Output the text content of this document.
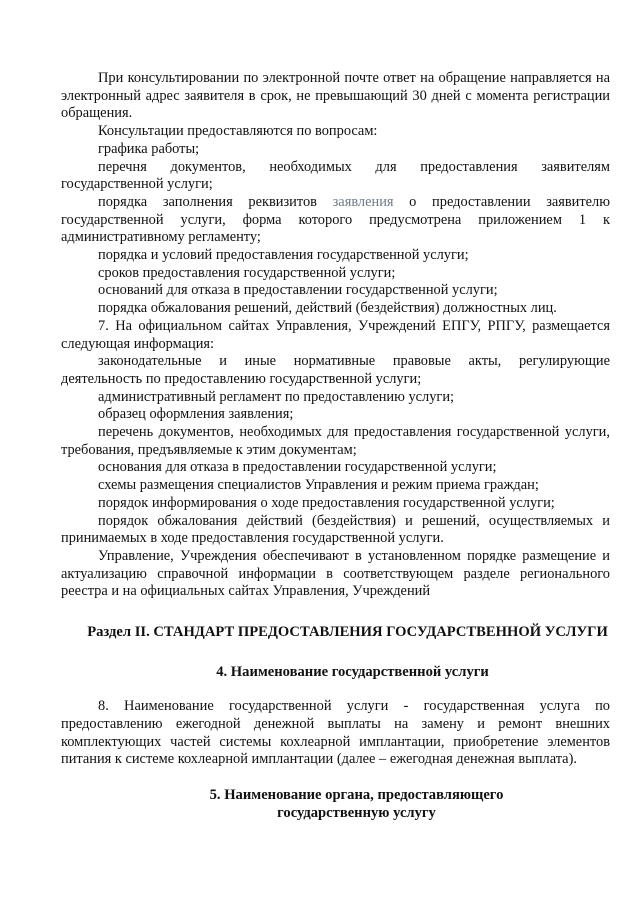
При консультировании по электронной почте ответ на обращение направляется на электронный адрес заявителя в срок, не превышающий 30 дней с момента регистрации обращения.

Консультации предоставляются по вопросам:

графика работы;

перечня документов, необходимых для предоставления заявителям государственной услуги;

порядка заполнения реквизитов заявления о предоставлении заявителю государственной услуги, форма которого предусмотрена приложением 1 к административному регламенту;

порядка и условий предоставления государственной услуги;

сроков предоставления государственной услуги;

оснований для отказа в предоставлении государственной услуги;

порядка обжалования решений, действий (бездействия) должностных лиц.

7. На официальном сайтах Управления, Учреждений ЕПГУ, РПГУ, размещается следующая информация:

законодательные и иные нормативные правовые акты, регулирующие деятельность по предоставлению государственной услуги;

административный регламент по предоставлению услуги;

образец оформления заявления;

перечень документов, необходимых для предоставления государственной услуги, требования, предъявляемые к этим документам;

основания для отказа в предоставлении государственной услуги;

схемы размещения специалистов Управления и режим приема граждан;

порядок информирования о ходе предоставления государственной услуги;

порядок обжалования действий (бездействия) и решений, осуществляемых и принимаемых в ходе предоставления государственной услуги.

Управление, Учреждения обеспечивают в установленном порядке размещение и актуализацию справочной информации в соответствующем разделе регионального реестра и на официальных сайтах Управления, Учреждений

Раздел II. СТАНДАРТ ПРЕДОСТАВЛЕНИЯ ГОСУДАРСТВЕННОЙ УСЛУГИ

4. Наименование государственной услуги

8. Наименование государственной услуги - государственная услуга по предоставлению ежегодной денежной выплаты на замену и ремонт внешних комплектующих частей системы кохлеарной имплантации, приобретение элементов питания к системе кохлеарной имплантации (далее – ежегодная денежная выплата).

5. Наименование органа, предоставляющего

государственную услугу
